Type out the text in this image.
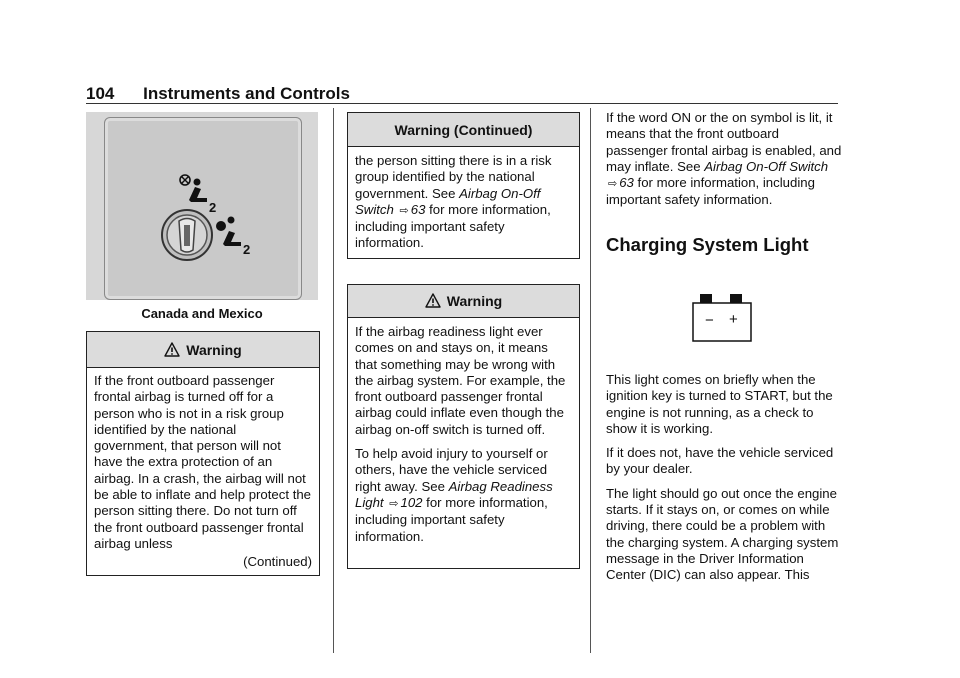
104 Instruments and Controls
2
2
Canada and Mexico
Warning

If the front outboard passenger frontal airbag is turned off for a person who is not in a risk group identified by the national government, that person will not have the extra protection of an airbag. In a crash, the airbag will not be able to inflate and help protect the person sitting there. Do not turn off the front outboard passenger frontal airbag unless

(Continued)
Warning (Continued)

the person sitting there is in a risk group identified by the national government. See Airbag On-Off Switch ⇨ 63 for more information, including important safety information.

Warning

If the airbag readiness light ever comes on and stays on, it means that something may be wrong with the airbag system. For example, the front outboard passenger frontal airbag could inflate even though the airbag on-off switch is turned off.

To help avoid injury to yourself or others, have the vehicle serviced right away. See Airbag Readiness Light ⇨ 102 for more information, including important safety information.

If the word ON or the on symbol is lit, it means that the front outboard passenger frontal airbag is enabled, and may inflate. See Airbag On-Off Switch ⇨ 63 for more information, including important safety information.

Charging System Light
− +

This light comes on briefly when the ignition key is turned to START, but the engine is not running, as a check to show it is working.

If it does not, have the vehicle serviced by your dealer.

The light should go out once the engine starts. If it stays on, or comes on while driving, there could be a problem with the charging system. A charging system message in the Driver Information Center (DIC) can also appear. This
